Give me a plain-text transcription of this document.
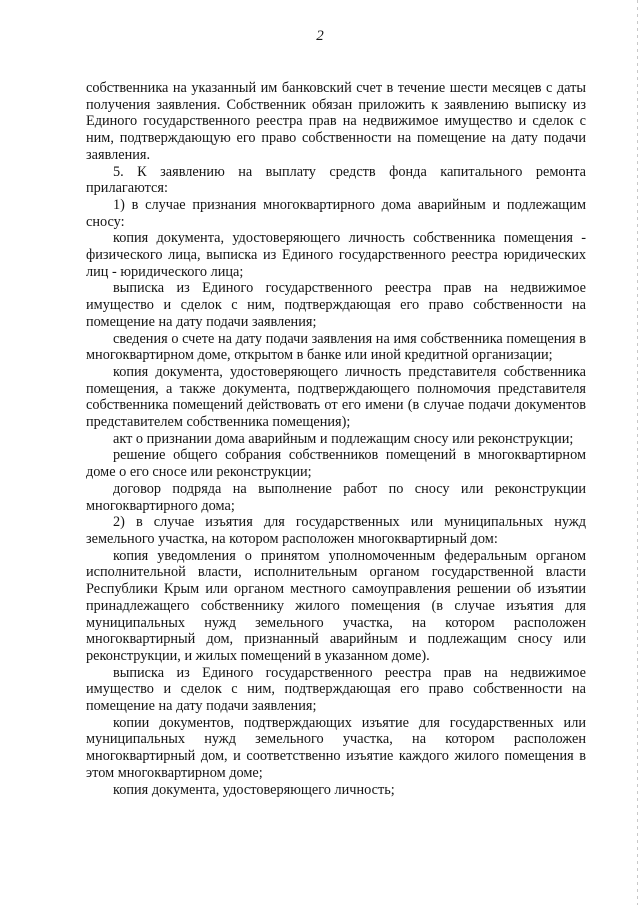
2

собственника на указанный им банковский счет в течение шести месяцев с даты получения заявления. Собственник обязан приложить к заявлению выписку из Единого государственного реестра прав на недвижимое имущество и сделок с ним, подтверждающую его право собственности на помещение на дату подачи заявления.

5. К заявлению на выплату средств фонда капитального ремонта прилагаются:

1) в случае признания многоквартирного дома аварийным и подлежащим сносу:

копия документа, удостоверяющего личность собственника помещения - физического лица, выписка из Единого государственного реестра юридических лиц - юридического лица;

выписка из Единого государственного реестра прав на недвижимое имущество и сделок с ним, подтверждающая его право собственности на помещение на дату подачи заявления;

сведения о счете на дату подачи заявления на имя собственника помещения в многоквартирном доме, открытом в банке или иной кредитной организации;

копия документа, удостоверяющего личность представителя собственника помещения, а также документа, подтверждающего полномочия представителя собственника помещений действовать от его имени (в случае подачи документов представителем собственника помещения);

акт о признании дома аварийным и подлежащим сносу или реконструкции;

решение общего собрания собственников помещений в многоквартирном доме о его сносе или реконструкции;

договор подряда на выполнение работ по сносу или реконструкции многоквартирного дома;

2) в случае изъятия для государственных или муниципальных нужд земельного участка, на котором расположен многоквартирный дом:

копия уведомления о принятом уполномоченным федеральным органом исполнительной власти, исполнительным органом государственной власти Республики Крым или органом местного самоуправления решении об изъятии принадлежащего собственнику жилого помещения (в случае изъятия для муниципальных нужд земельного участка, на котором расположен многоквартирный дом, признанный аварийным и подлежащим сносу или реконструкции, и жилых помещений в указанном доме).

выписка из Единого государственного реестра прав на недвижимое имущество и сделок с ним, подтверждающая его право собственности на помещение на дату подачи заявления;

копии документов, подтверждающих изъятие для государственных или муниципальных нужд земельного участка, на котором расположен многоквартирный дом, и соответственно изъятие каждого жилого помещения в этом многоквартирном доме;

копия документа, удостоверяющего личность;
